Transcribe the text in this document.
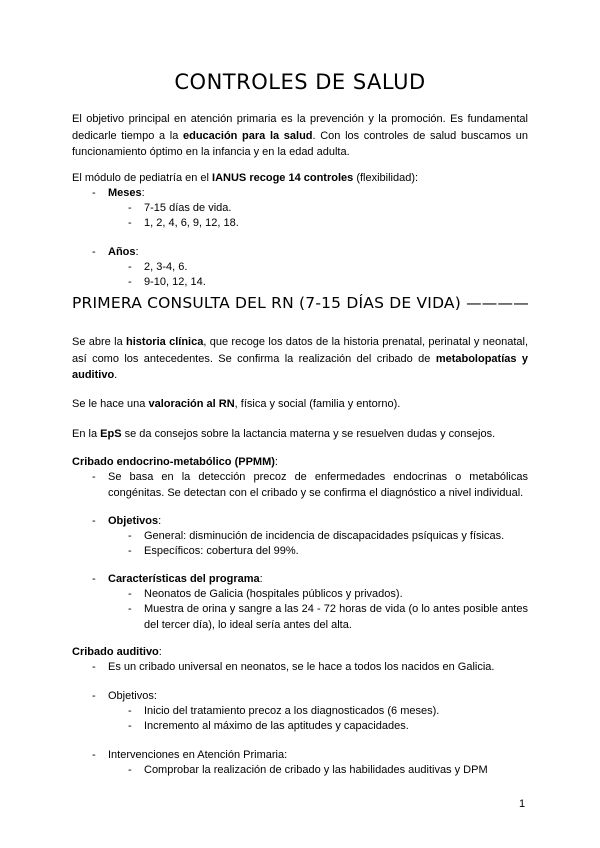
CONTROLES DE SALUD
El objetivo principal en atención primaria es la prevención y la promoción. Es fundamental dedicarle tiempo a la educación para la salud. Con los controles de salud buscamos un funcionamiento óptimo en la infancia y en la edad adulta.
El módulo de pediatría en el IANUS recoge 14 controles (flexibilidad):
- Meses:
- 7-15 días de vida.
- 1, 2, 4, 6, 9, 12, 18.
- Años:
- 2, 3-4, 6.
- 9-10, 12, 14.
PRIMERA CONSULTA DEL RN (7-15 DÍAS DE VIDA) ————
Se abre la historia clínica, que recoge los datos de la historia prenatal, perinatal y neonatal, así como los antecedentes. Se confirma la realización del cribado de metabolopatías y auditivo.
Se le hace una valoración al RN, física y social (familia y entorno).
En la EpS se da consejos sobre la lactancia materna y se resuelven dudas y consejos.
Cribado endocrino-metabólico (PPMM):
- Se basa en la detección precoz de enfermedades endocrinas o metabólicas congénitas. Se detectan con el cribado y se confirma el diagnóstico a nivel individual.
- Objetivos:
- General: disminución de incidencia de discapacidades psíquicas y físicas.
- Específicos: cobertura del 99%.
- Características del programa:
- Neonatos de Galicia (hospitales públicos y privados).
- Muestra de orina y sangre a las 24 - 72 horas de vida (o lo antes posible antes del tercer día), lo ideal sería antes del alta.
Cribado auditivo:
- Es un cribado universal en neonatos, se le hace a todos los nacidos en Galicia.
- Objetivos:
- Inicio del tratamiento precoz a los diagnosticados (6 meses).
- Incremento al máximo de las aptitudes y capacidades.
- Intervenciones en Atención Primaria:
- Comprobar la realización de cribado y las habilidades auditivas y DPM
1
